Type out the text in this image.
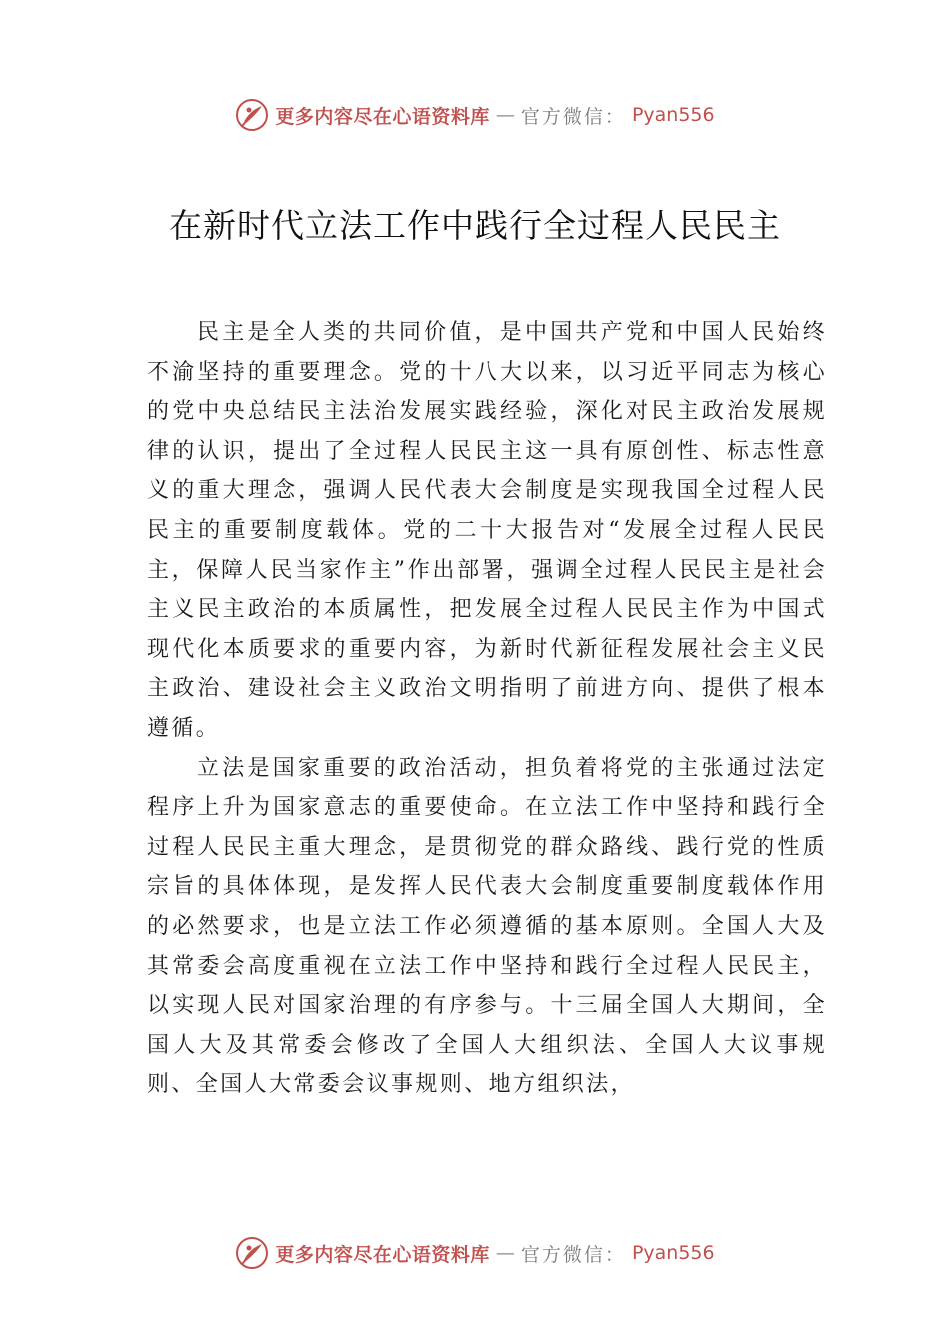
更多内容尽在心语资料库 — 官方微信： Pyan556
在新时代立法工作中践行全过程人民民主

民主是全人类的共同价值，是中国共产党和中国人民始终不渝坚持的重要理念。党的十八大以来，以习近平同志为核心的党中央总结民主法治发展实践经验，深化对民主政治发展规律的认识，提出了全过程人民民主这一具有原创性、标志性意义的重大理念，强调人民代表大会制度是实现我国全过程人民民主的重要制度载体。党的二十大报告对“发展全过程人民民主，保障人民当家作主”作出部署，强调全过程人民民主是社会主义民主政治的本质属性，把发展全过程人民民主作为中国式现代化本质要求的重要内容，为新时代新征程发展社会主义民主政治、建设社会主义政治文明指明了前进方向、提供了根本遵循。

立法是国家重要的政治活动，担负着将党的主张通过法定程序上升为国家意志的重要使命。在立法工作中坚持和践行全过程人民民主重大理念，是贯彻党的群众路线、践行党的性质宗旨的具体体现，是发挥人民代表大会制度重要制度载体作用的必然要求，也是立法工作必须遵循的基本原则。全国人大及其常委会高度重视在立法工作中坚持和践行全过程人民民主，以实现人民对国家治理的有序参与。十三届全国人大期间，全国人大及其常委会修改了全国人大组织法、全国人大议事规则、全国人大常委会议事规则、地方组织法，

更多内容尽在心语资料库 — 官方微信： Pyan556
